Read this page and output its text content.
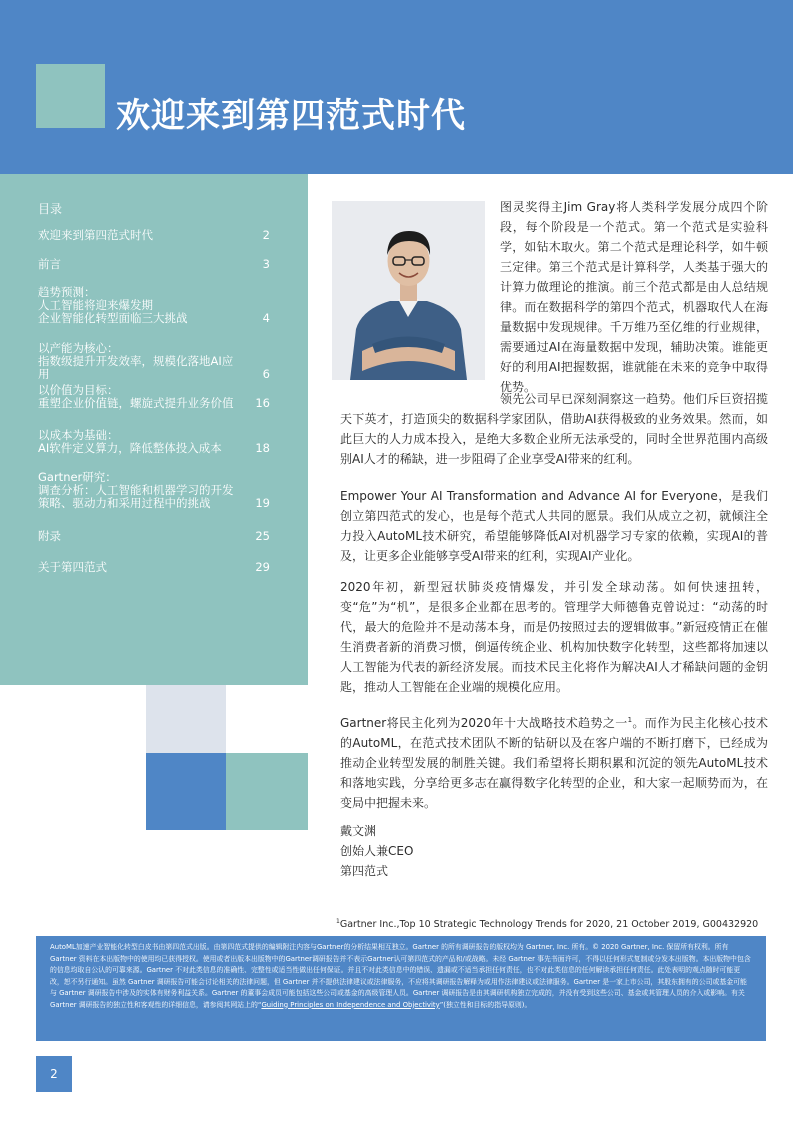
欢迎来到第四范式时代
目录
欢迎来到第四范式时代	2
前言	3
趋势预测：
人工智能将迎来爆发期
企业智能化转型面临三大挑战	4
以产能为核心：
指数级提升开发效率，规模化落地AI应用	6
以价值为目标：
重塑企业价值链，螺旋式提升业务价值	16
以成本为基础：
AI软件定义算力，降低整体投入成本	18
Gartner研究：
调查分析：人工智能和机器学习的开发
策略、驱动力和采用过程中的挑战	19
附录	25
关于第四范式	29
图灵奖得主Jim Gray将人类科学发展分成四个阶段，每个阶段是一个范式。第一个范式是实验科学，如钻木取火。第二个范式是理论科学，如牛顿三定律。第三个范式是计算科学，人类基于强大的计算力做理论的推演。前三个范式都是由人总结规律。而在数据科学的第四个范式，机器取代人在海量数据中发现规律。千万维乃至亿维的行业规律，需要通过AI在海量数据中发现，辅助决策。谁能更好的利用AI把握数据，谁就能在未来的竞争中取得优势。
领先公司早已深刻洞察这一趋势。他们斥巨资招揽天下英才，打造顶尖的数据科学家团队，借助AI获得极致的业务效果。然而，如此巨大的人力成本投入，是绝大多数企业所无法承受的，同时全世界范围内高级别AI人才的稀缺，进一步阻碍了企业享受AI带来的红利。
Empower Your AI Transformation and Advance AI for Everyone，是我们创立第四范式的发心，也是每个范式人共同的愿景。我们从成立之初，就倾注全力投入AutoML技术研究，希望能够降低AI对机器学习专家的依赖，实现AI的普及，让更多企业能够享受AI带来的红利，实现AI产业化。
2020年初，新型冠状肺炎疫情爆发，并引发全球动荡。如何快速扭转，变“危”为“机”，是很多企业都在思考的。管理学大师德鲁克曾说过：“动荡的时代，最大的危险并不是动荡本身，而是仍按照过去的逻辑做事。”新冠疫情正在催生消费者新的消费习惯，倒逼传统企业、机构加快数字化转型，这些都将加速以人工智能为代表的新经济发展。而技术民主化将作为解决AI人才稀缺问题的金钥匙，推动人工智能在企业端的规模化应用。
Gartner将民主化列为2020年十大战略技术趋势之一$^1$。而作为民主化核心技术的AutoML，在范式技术团队不断的钻研以及在客户端的不断打磨下，已经成为推动企业转型发展的制胜关键。我们希望将长期积累和沉淀的领先AutoML技术和落地实践，分享给更多志在赢得数字化转型的企业，和大家一起顺势而为，在变局中把握未来。
戴文渊
创始人兼CEO
第四范式
$^1$Gartner Inc.,Top 10 Strategic Technology Trends for 2020, 21 October 2019, G00432920
AutoML加速产业智能化转型白皮书由第四范式出版。由第四范式提供的编辑附注内容与Gartner的分析结果相互独立。Gartner 的所有调研报告的版权均为 Gartner, Inc. 所有。© 2020 Gartner, Inc. 保留所有权利。所有 Gartner 资料在本出版物中的使用均已获得授权。使用或者出版本出版物中的Gartner调研报告并不表示Gartner认可第四范式的产品和/或战略。未经 Gartner 事先书面许可，不得以任何形式复制或分发本出版物。本出版物中包含的信息均取自公认的可靠来源。Gartner 不对此类信息的准确性、完整性或适当性做出任何保证。并且不对此类信息中的错误、遗漏或不适当承担任何责任，也不对此类信息的任何解读承担任何责任。此处表明的观点随时可能更改，恕不另行通知。虽然 Gartner 调研报告可能会讨论相关的法律问题，但 Gartner 并不提供法律建议或法律服务，不应将其调研报告解释为或用作法律建议或法律服务。Gartner 是一家上市公司，其股东拥有的公司或基金可能与 Gartner 调研报告中涉及的实体有财务利益关系。Gartner 的董事会成员可能包括这些公司或基金的高级管理人员。Gartner 调研报告是由其调研机构独立完成的，并没有受到这些公司、基金或其管理人员的介入或影响。有关 Gartner 调研报告的独立性和客观性的详细信息，请参阅其网站上的“Guiding Principles on Independence and Objectivity”(独立性和目标的指导原则)。
2
